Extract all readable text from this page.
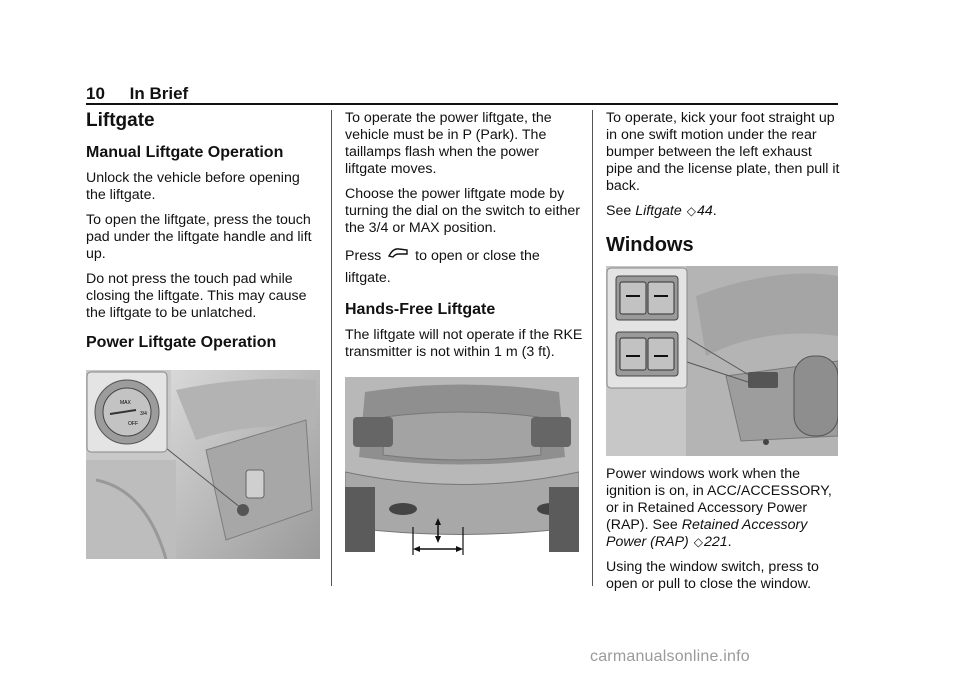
10 In Brief
Liftgate
Manual Liftgate Operation

Unlock the vehicle before opening the liftgate.

To open the liftgate, press the touch pad under the liftgate handle and lift up.

Do not press the touch pad while closing the liftgate. This may cause the liftgate to be unlatched.

Power Liftgate Operation
MAX
3/4
OFF

To operate the power liftgate, the vehicle must be in P (Park). The taillamps flash when the power liftgate moves.

Choose the power liftgate mode by turning the dial on the switch to either the 3/4 or MAX position.

Press to open or close the liftgate.

Hands-Free Liftgate

The liftgate will not operate if the RKE transmitter is not within 1 m (3 ft).

To operate, kick your foot straight up in one swift motion under the rear bumper between the left exhaust pipe and the license plate, then pull it back.

See Liftgate ◇44.

Windows

Power windows work when the ignition is on, in ACC/ACCESSORY, or in Retained Accessory Power (RAP). See Retained Accessory Power (RAP) ◇221.

Using the window switch, press to open or pull to close the window.

carmanualsonline.info
